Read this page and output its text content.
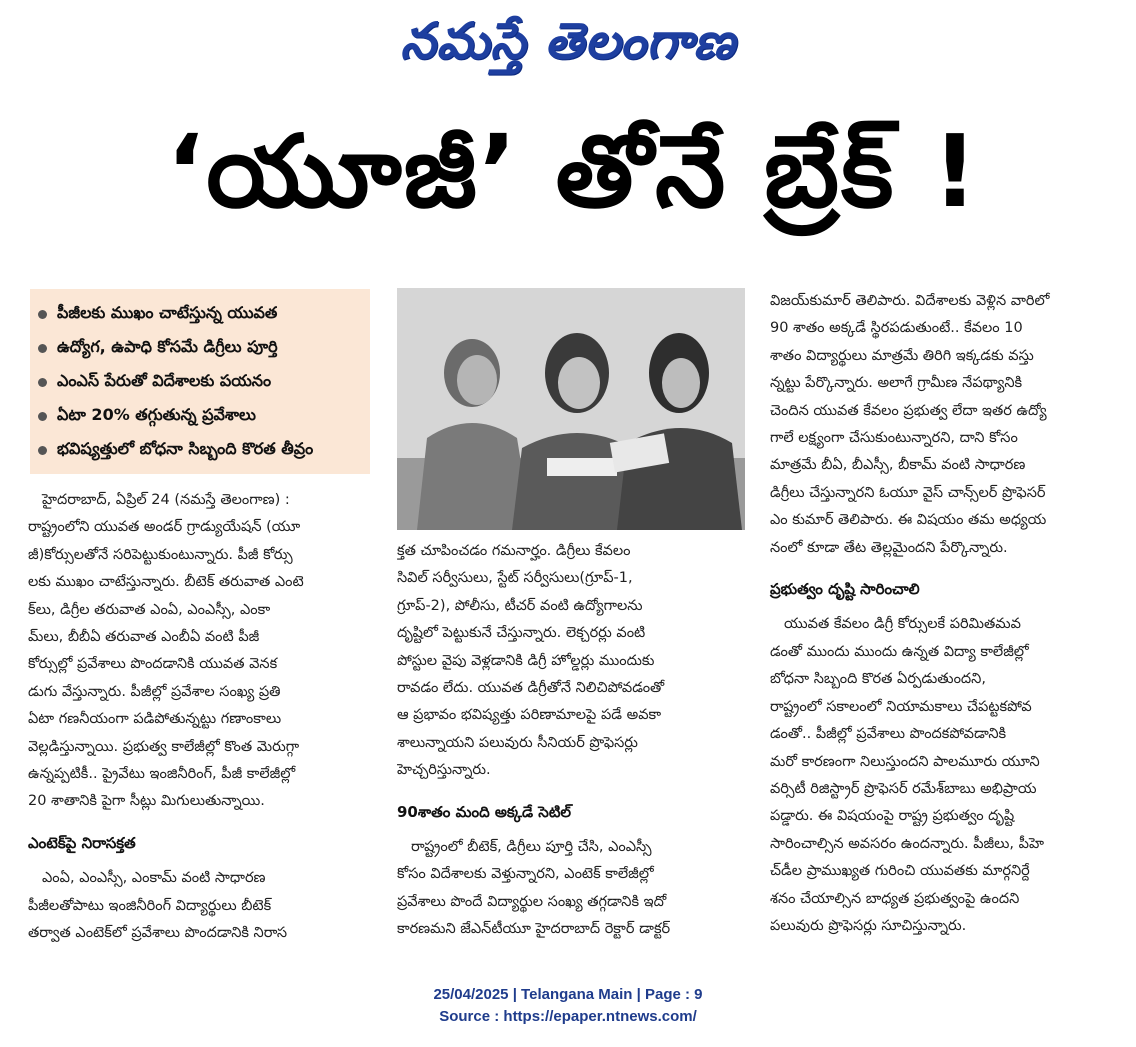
నమస్తే తెలంగాణ
‘యూజీ’ తోనే బ్రేక్ !
పీజీలకు ముఖం చాటేస్తున్న యువత
ఉద్యోగ, ఉపాధి కోసమే డిగ్రీలు పూర్తి
ఎంఎస్ పేరుతో విదేశాలకు పయనం
ఏటా 20% తగ్గుతున్న ప్రవేశాలు
భవిష్యత్తులో బోధనా సిబ్బంది కొరత తీవ్రం

హైదరాబాద్, ఏప్రిల్ 24 (నమస్తే తెలంగాణ) :

రాష్ట్రంలోని యువత అండర్ గ్రాడ్యుయేషన్ (యూ

జీ)కోర్సులతోనే సరిపెట్టుకుంటున్నారు. పీజీ కోర్సు

లకు ముఖం చాటేస్తున్నారు. బీటెక్ తరువాత ఎంటె

క్‌లు, డిగ్రీల తరువాత ఎంఏ, ఎంఎస్సీ, ఎంకా

మ్‌లు, బీబీఏ తరువాత ఎంబీఏ వంటి పీజీ

కోర్సుల్లో ప్రవేశాలు పొందడానికి యువత వెనక

డుగు వేస్తున్నారు. పీజీల్లో ప్రవేశాల సంఖ్య ప్రతి

ఏటా గణనీయంగా పడిపోతున్నట్టు గణాంకాలు

వెల్లడిస్తున్నాయి. ప్రభుత్వ కాలేజీల్లో కొంత మెరుగ్గా

ఉన్నప్పటికీ.. ప్రైవేటు ఇంజినీరింగ్, పీజీ కాలేజీల్లో

20 శాతానికి పైగా సీట్లు మిగులుతున్నాయి.

ఎంటెక్‌పై నిరాసక్తత

ఎంఏ, ఎంఎస్సీ, ఎంకామ్ వంటి సాధారణ

పీజీలతోపాటు ఇంజినీరింగ్ విద్యార్థులు బీటెక్

తర్వాత ఎంటెక్‌లో ప్రవేశాలు పొందడానికి నిరాస

క్తత చూపించడం గమనార్హం. డిగ్రీలు కేవలం

సివిల్ సర్వీసులు, స్టేట్ సర్వీసులు(గ్రూప్-1,

గ్రూప్-2), పోలీసు, టీచర్ వంటి ఉద్యోగాలను

దృష్టిలో పెట్టుకునే చేస్తున్నారు. లెక్చరర్లు వంటి

పోస్టుల వైపు వెళ్లడానికి డిగ్రీ హోల్డర్లు ముందుకు

రావడం లేదు. యువత డిగ్రీతోనే నిలిచిపోవడంతో

ఆ ప్రభావం భవిష్యత్తు పరిణామాలపై పడే అవకా

శాలున్నాయని పలువురు సీనియర్ ప్రొఫెసర్లు

హెచ్చరిస్తున్నారు.

90శాతం మంది అక్కడే సెటిల్

రాష్ట్రంలో బీటెక్, డిగ్రీలు పూర్తి చేసి, ఎంఎస్సీ

కోసం విదేశాలకు వెళ్తున్నారని, ఎంటెక్ కాలేజీల్లో

ప్రవేశాలు పొందే విద్యార్థుల సంఖ్య తగ్గడానికి ఇదో

కారణమని జేఎన్‌టీయూ హైదరాబాద్ రెక్టార్ డాక్టర్

విజయ్‌కుమార్ తెలిపారు. విదేశాలకు వెళ్లిన వారిలో

90 శాతం అక్కడే స్థిరపడుతుంటే.. కేవలం 10

శాతం విద్యార్థులు మాత్రమే తిరిగి ఇక్కడకు వస్తు

న్నట్టు పేర్కొన్నారు. అలాగే గ్రామీణ నేపథ్యానికి

చెందిన యువత కేవలం ప్రభుత్వ లేదా ఇతర ఉద్యో

గాలే లక్ష్యంగా చేసుకుంటున్నారని, దాని కోసం

మాత్రమే బీఏ, బీఎస్సీ, బీకామ్ వంటి సాధారణ

డిగ్రీలు చేస్తున్నారని ఓయూ వైస్ చాన్స్‌లర్ ప్రొఫెసర్

ఎం కుమార్ తెలిపారు. ఈ విషయం తమ అధ్యయ

నంలో కూడా తేట తెల్లమైందని పేర్కొన్నారు.

ప్రభుత్వం దృష్టి సారించాలి

యువత కేవలం డిగ్రీ కోర్సులకే పరిమితమవ

డంతో ముందు ముందు ఉన్నత విద్యా కాలేజీల్లో

బోధనా సిబ్బంది కొరత ఏర్పడుతుందని,

రాష్ట్రంలో సకాలంలో నియామకాలు చేపట్టకపోవ

డంతో.. పీజీల్లో ప్రవేశాలు పొందకపోవడానికి

మరో కారణంగా నిలుస్తుందని పాలమూరు యూని

వర్సిటీ రిజిస్ట్రార్ ప్రొఫెసర్ రమేశ్‌బాబు అభిప్రాయ

పడ్డారు. ఈ విషయంపై రాష్ట్ర ప్రభుత్వం దృష్టి

సారించాల్సిన అవసరం ఉందన్నారు. పీజీలు, పీహె

చ్‌డీల ప్రాముఖ్యత గురించి యువతకు మార్గనిర్దే

శనం చేయాల్సిన బాధ్యత ప్రభుత్వంపై ఉందని

పలువురు ప్రొఫెసర్లు సూచిస్తున్నారు.

25/04/2025 | Telangana Main | Page : 9
Source : https://epaper.ntnews.com/
